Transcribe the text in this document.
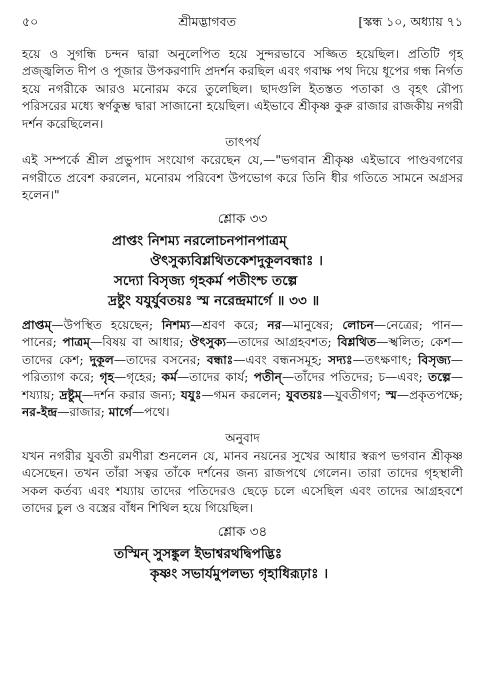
৫০	শ্রীমদ্ভাগবত	[স্কন্ধ ১০, অধ্যায় ৭১

হয়ে ও সুগন্ধি চন্দন দ্বারা অনুলেপিত হয়ে সুন্দরভাবে সজ্জিত হয়েছিল। প্রতিটি গৃহ প্রজ্জ্বলিত দীপ ও পূজার উপকরণাদি প্রদর্শন করছিল এবং গবাক্ষ পথ দিয়ে ধূপের গন্ধ নির্গত হয়ে নগরীকে আরও মনোরম করে তুলেছিল। ছাদগুলি ইতস্তত পতাকা ও বৃহৎ রৌপ্য পরিসরের মধ্যে স্বর্ণকুম্ভ দ্বারা সাজানো হয়েছিল। এইভাবে শ্রীকৃষ্ণ কুরু রাজার রাজকীয় নগরী দর্শন করেছিলেন।

তাৎপর্য

এই সম্পর্কে শ্রীল প্রভুপাদ সংযোগ করেছেন যে,—"ভগবান শ্রীকৃষ্ণ এইভাবে পাণ্ডবগণের নগরীতে প্রবেশ করলেন, মনোরম পরিবেশ উপভোগ করে তিনি ধীর গতিতে সামনে অগ্রসর হলেন।"

শ্লোক ৩৩
প্রাপ্তং নিশম্য নরলোচনপানপাত্রম্
ঔৎসুক্যবিশ্লথিতকেশদুকূলবন্ধাঃ ।
সদ্যো বিসৃজ্য গৃহকর্ম পতীংশ্চ তল্পে
দ্রষ্টুং যযুর্যুবতয়ঃ স্ম নরেন্দ্রমার্গে ॥ ৩৩ ॥

প্রাপ্তম্—উপস্থিত হয়েছেন; নিশম্য—শ্রবণ করে; নর—মানুষের; লোচন—নেত্রের; পান—পানের; পাত্রম্—বিষয় বা আধার; ঔৎসুক্য—তাদের আগ্রহবশত; বিশ্লথিত—স্খলিত; কেশ—তাদের কেশ; দুকূল—তাদের বসনের; বন্ধাঃ—এবং বন্ধনসমূহ; সদ্যঃ—তৎক্ষণাৎ; বিসৃজ্য—পরিত্যাগ করে; গৃহ—গৃহের; কর্ম—তাদের কার্য; পতীন্—তাঁদের পতিদের; চ—এবং; তল্পে—শয্যায়; দ্রষ্টুম্—দর্শন করার জন্য; যযুঃ—গমন করলেন; যুবতয়ঃ—যুবতীগণ; স্ম—প্রকৃতপক্ষে; নর-ইন্দ্র—রাজার; মার্গে—পথে।

অনুবাদ

যখন নগরীর যুবতী রমণীরা শুনলেন যে, মানব নয়নের সুখের আধার স্বরূপ ভগবান শ্রীকৃষ্ণ এসেছেন। তখন তাঁরা সত্বর তাঁকে দর্শনের জন্য রাজপথে গেলেন। তারা তাদের গৃহস্থালী সকল কর্তব্য এবং শয্যায় তাদের পতিদেরও ছেড়ে চলে এসেছিল এবং তাদের আগ্রহবশে তাদের চুল ও বস্ত্রের বাঁধন শিথিল হয়ে গিয়েছিল।

শ্লোক ৩৪
তস্মিন্ সুসঙ্কুল ইভাশ্বরথদ্বিপদ্ভিঃ
কৃষ্ণং সভার্যমুপলভ্য গৃহাধিরূঢ়াঃ ।
